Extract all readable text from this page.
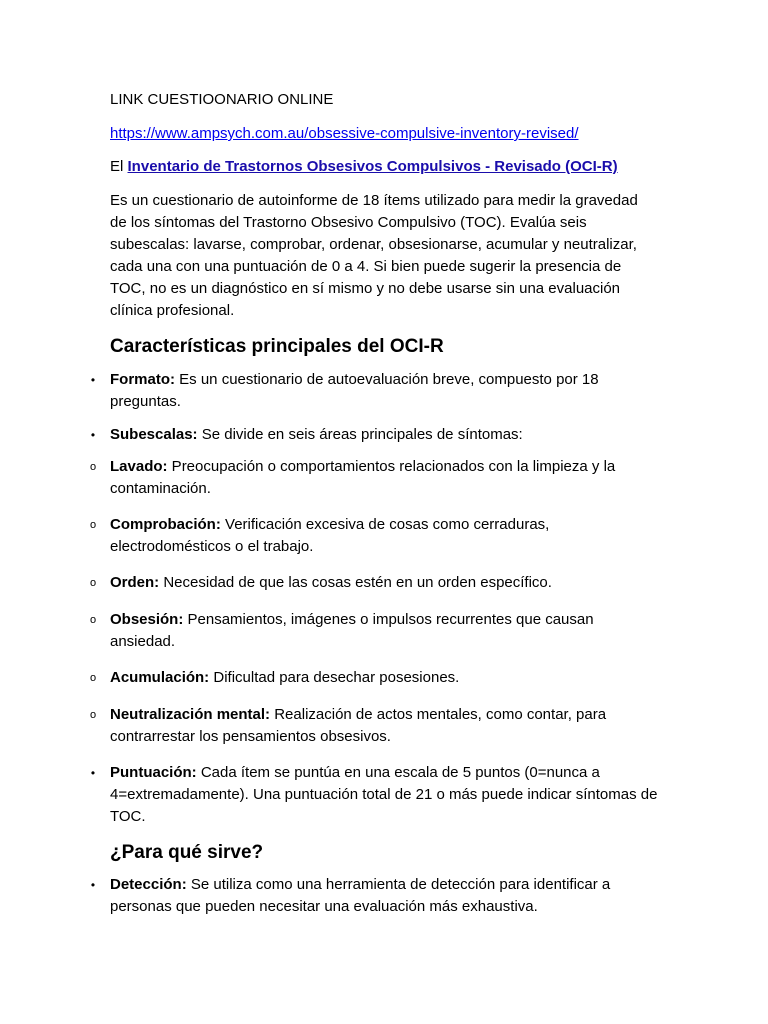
LINK CUESTIOONARIO ONLINE

https://www.ampsych.com.au/obsessive-compulsive-inventory-revised/

El Inventario de Trastornos Obsesivos Compulsivos - Revisado (OCI-R)

Es un cuestionario de autoinforme de 18 ítems utilizado para medir la gravedad de los síntomas del Trastorno Obsesivo Compulsivo (TOC). Evalúa seis subescalas: lavarse, comprobar, ordenar, obsesionarse, acumular y neutralizar, cada una con una puntuación de 0 a 4. Si bien puede sugerir la presencia de TOC, no es un diagnóstico en sí mismo y no debe usarse sin una evaluación clínica profesional.

Características principales del OCI-R
• Formato: Es un cuestionario de autoevaluación breve, compuesto por 18 preguntas.
• Subescalas: Se divide en seis áreas principales de síntomas:
o Lavado: Preocupación o comportamientos relacionados con la limpieza y la contaminación.
o Comprobación: Verificación excesiva de cosas como cerraduras, electrodomésticos o el trabajo.
o Orden: Necesidad de que las cosas estén en un orden específico.
o Obsesión: Pensamientos, imágenes o impulsos recurrentes que causan ansiedad.
o Acumulación: Dificultad para desechar posesiones.
o Neutralización mental: Realización de actos mentales, como contar, para contrarrestar los pensamientos obsesivos.
• Puntuación: Cada ítem se puntúa en una escala de 5 puntos (0=nunca a 4=extremadamente). Una puntuación total de 21 o más puede indicar síntomas de TOC.
¿Para qué sirve?
• Detección: Se utiliza como una herramienta de detección para identificar a personas que pueden necesitar una evaluación más exhaustiva.
